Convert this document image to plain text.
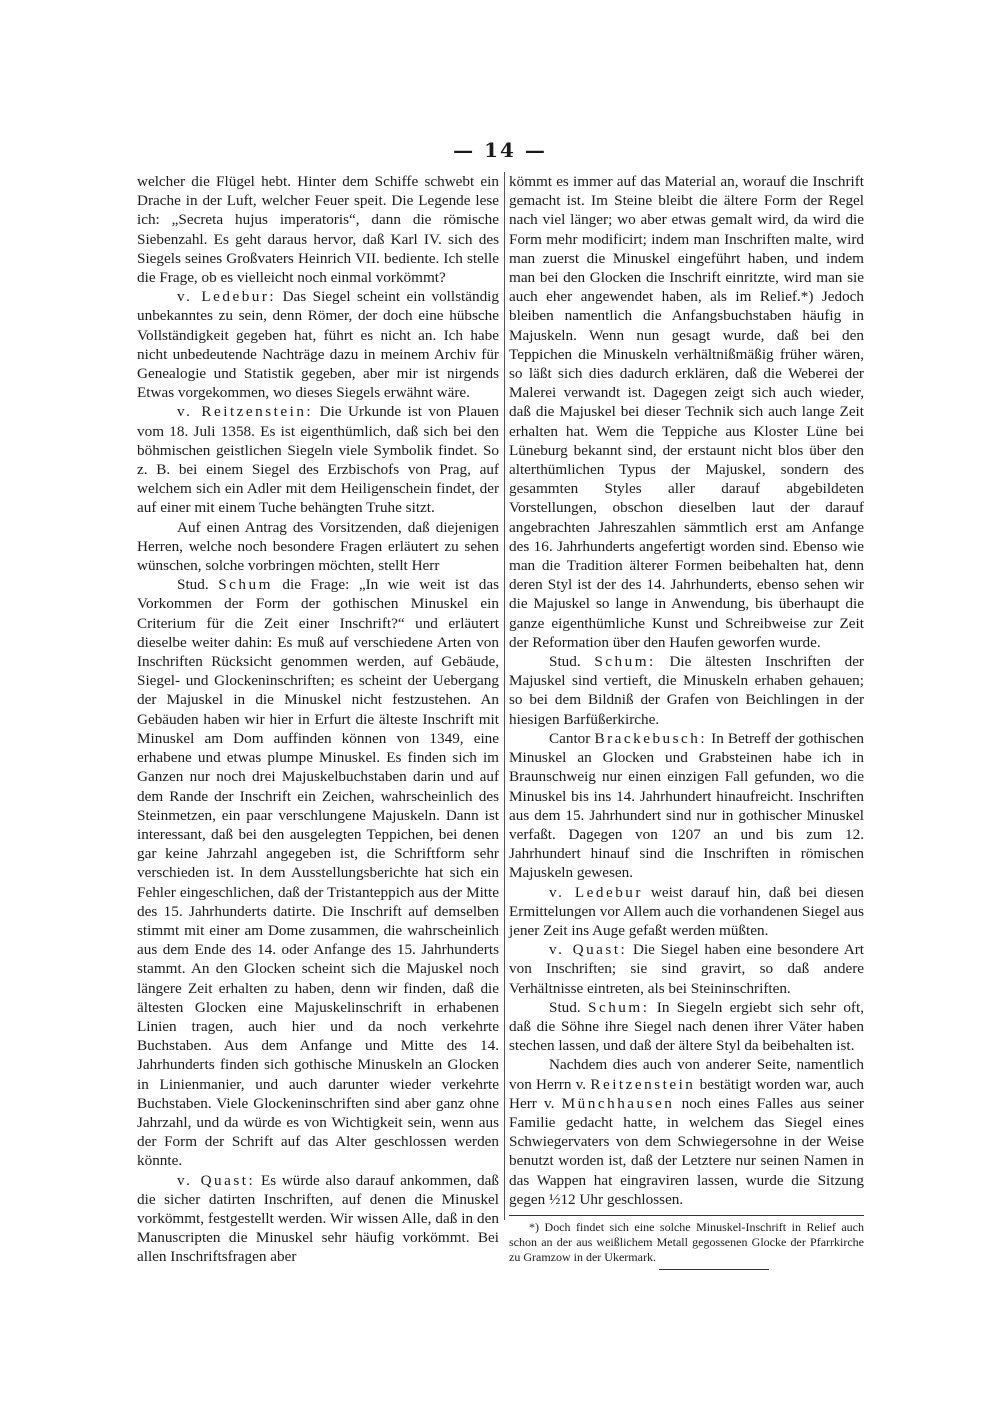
— 14 —

welcher die Flügel hebt. Hinter dem Schiffe schwebt ein Drache in der Luft, welcher Feuer speit. Die Legende lese ich: „Secreta hujus imperatoris“, dann die römische Siebenzahl. Es geht daraus hervor, daß Karl IV. sich des Siegels seines Großvaters Heinrich VII. bediente. Ich stelle die Frage, ob es vielleicht noch einmal vorkömmt?

v. Ledebur: Das Siegel scheint ein vollständig unbekanntes zu sein, denn Römer, der doch eine hübsche Vollständigkeit gegeben hat, führt es nicht an. Ich habe nicht unbedeutende Nachträge dazu in meinem Archiv für Genealogie und Statistik gegeben, aber mir ist nirgends Etwas vorgekommen, wo dieses Siegels erwähnt wäre.

v. Reitzenstein: Die Urkunde ist von Plauen vom 18. Juli 1358. Es ist eigenthümlich, daß sich bei den böhmischen geistlichen Siegeln viele Symbolik findet. So z. B. bei einem Siegel des Erzbischofs von Prag, auf welchem sich ein Adler mit dem Heiligenschein findet, der auf einer mit einem Tuche behängten Truhe sitzt.

Auf einen Antrag des Vorsitzenden, daß diejenigen Herren, welche noch besondere Fragen erläutert zu sehen wünschen, solche vorbringen möchten, stellt Herr

Stud. Schum die Frage: „In wie weit ist das Vorkommen der Form der gothischen Minuskel ein Criterium für die Zeit einer Inschrift?“ und erläutert dieselbe weiter dahin: Es muß auf verschiedene Arten von Inschriften Rücksicht genommen werden, auf Gebäude, Siegel- und Glockeninschriften; es scheint der Uebergang der Majuskel in die Minuskel nicht festzustehen. An Gebäuden haben wir hier in Erfurt die älteste Inschrift mit Minuskel am Dom auffinden können von 1349, eine erhabene und etwas plumpe Minuskel. Es finden sich im Ganzen nur noch drei Majuskelbuchstaben darin und auf dem Rande der Inschrift ein Zeichen, wahrscheinlich des Steinmetzen, ein paar verschlungene Majuskeln. Dann ist interessant, daß bei den ausgelegten Teppichen, bei denen gar keine Jahrzahl angegeben ist, die Schriftform sehr verschieden ist. In dem Ausstellungsberichte hat sich ein Fehler eingeschlichen, daß der Tristanteppich aus der Mitte des 15. Jahrhunderts datirte. Die Inschrift auf demselben stimmt mit einer am Dome zusammen, die wahrscheinlich aus dem Ende des 14. oder Anfange des 15. Jahrhunderts stammt. An den Glocken scheint sich die Majuskel noch längere Zeit erhalten zu haben, denn wir finden, daß die ältesten Glocken eine Majuskelinschrift in erhabenen Linien tragen, auch hier und da noch verkehrte Buchstaben. Aus dem Anfange und Mitte des 14. Jahrhunderts finden sich gothische Minuskeln an Glocken in Linienmanier, und auch darunter wieder verkehrte Buchstaben. Viele Glockeninschriften sind aber ganz ohne Jahrzahl, und da würde es von Wichtigkeit sein, wenn aus der Form der Schrift auf das Alter geschlossen werden könnte.

v. Quast: Es würde also darauf ankommen, daß die sicher datirten Inschriften, auf denen die Minuskel vorkömmt, festgestellt werden. Wir wissen Alle, daß in den Manuscripten die Minuskel sehr häufig vorkömmt. Bei allen Inschriftsfragen aber

kömmt es immer auf das Material an, worauf die Inschrift gemacht ist. Im Steine bleibt die ältere Form der Regel nach viel länger; wo aber etwas gemalt wird, da wird die Form mehr modificirt; indem man Inschriften malte, wird man zuerst die Minuskel eingeführt haben, und indem man bei den Glocken die Inschrift einritzte, wird man sie auch eher angewendet haben, als im Relief.*) Jedoch bleiben namentlich die Anfangsbuchstaben häufig in Majuskeln. Wenn nun gesagt wurde, daß bei den Teppichen die Minuskeln verhältnißmäßig früher wären, so läßt sich dies dadurch erklären, daß die Weberei der Malerei verwandt ist. Dagegen zeigt sich auch wieder, daß die Majuskel bei dieser Technik sich auch lange Zeit erhalten hat. Wem die Teppiche aus Kloster Lüne bei Lüneburg bekannt sind, der erstaunt nicht blos über den alterthümlichen Typus der Majuskel, sondern des gesammten Styles aller darauf abgebildeten Vorstellungen, obschon dieselben laut der darauf angebrachten Jahreszahlen sämmtlich erst am Anfange des 16. Jahrhunderts angefertigt worden sind. Ebenso wie man die Tradition älterer Formen beibehalten hat, denn deren Styl ist der des 14. Jahrhunderts, ebenso sehen wir die Majuskel so lange in Anwendung, bis überhaupt die ganze eigenthümliche Kunst und Schreibweise zur Zeit der Reformation über den Haufen geworfen wurde.

Stud. Schum: Die ältesten Inschriften der Majuskel sind vertieft, die Minuskeln erhaben gehauen; so bei dem Bildniß der Grafen von Beichlingen in der hiesigen Barfüßerkirche.

Cantor Brackebusch: In Betreff der gothischen Minuskel an Glocken und Grabsteinen habe ich in Braunschweig nur einen einzigen Fall gefunden, wo die Minuskel bis ins 14. Jahrhundert hinaufreicht. Inschriften aus dem 15. Jahrhundert sind nur in gothischer Minuskel verfaßt. Dagegen von 1207 an und bis zum 12. Jahrhundert hinauf sind die Inschriften in römischen Majuskeln gewesen.

v. Ledebur weist darauf hin, daß bei diesen Ermittelungen vor Allem auch die vorhandenen Siegel aus jener Zeit ins Auge gefaßt werden müßten.

v. Quast: Die Siegel haben eine besondere Art von Inschriften; sie sind gravirt, so daß andere Verhältnisse eintreten, als bei Steininschriften.

Stud. Schum: In Siegeln ergiebt sich sehr oft, daß die Söhne ihre Siegel nach denen ihrer Väter haben stechen lassen, und daß der ältere Styl da beibehalten ist.

Nachdem dies auch von anderer Seite, namentlich von Herrn v. Reitzenstein bestätigt worden war, auch Herr v. Münchhausen noch eines Falles aus seiner Familie gedacht hatte, in welchem das Siegel eines Schwiegervaters von dem Schwiegersohne in der Weise benutzt worden ist, daß der Letztere nur seinen Namen in das Wappen hat eingraviren lassen, wurde die Sitzung gegen ½12 Uhr geschlossen.

*) Doch findet sich eine solche Minuskel-Inschrift in Relief auch schon an der aus weißlichem Metall gegossenen Glocke der Pfarrkirche zu Gramzow in der Ukermark.
